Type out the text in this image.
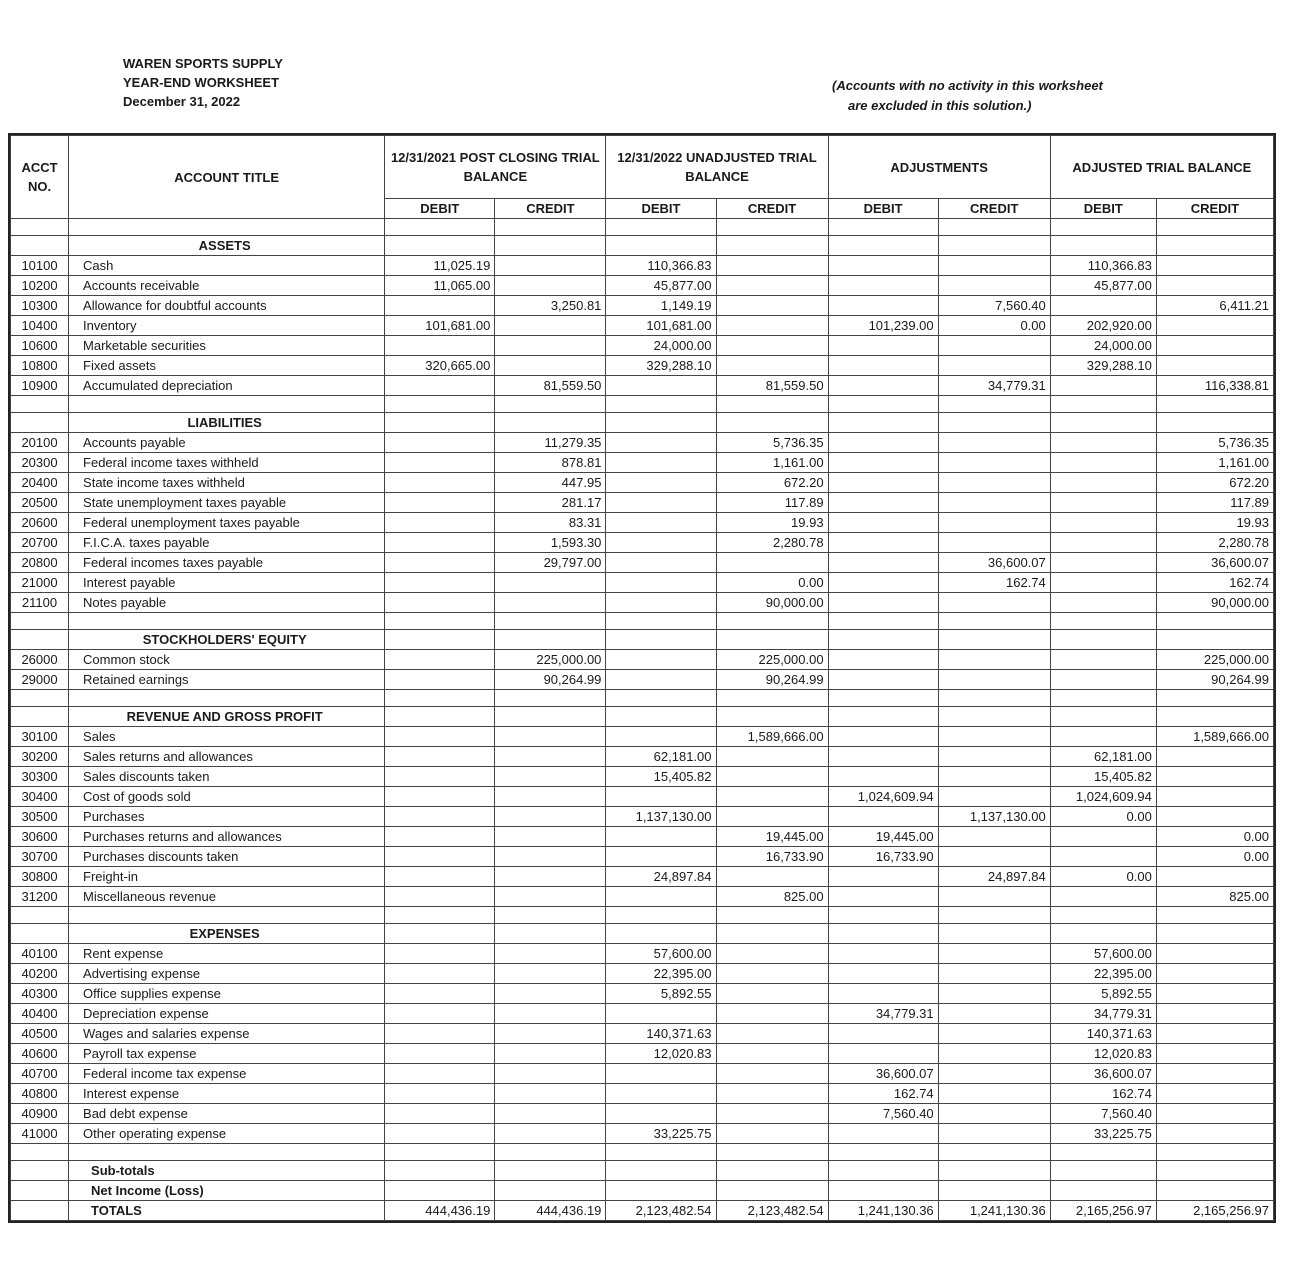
WAREN SPORTS SUPPLY
YEAR-END WORKSHEET
December 31, 2022
(Accounts with no activity in this worksheet
are excluded in this solution.)
ACCT NO.	ACCOUNT TITLE	12/31/2021 POST CLOSING TRIAL BALANCE		12/31/2022 UNADJUSTED TRIAL BALANCE		ADJUSTMENTS		ADJUSTED TRIAL BALANCE	
		DEBIT	CREDIT	DEBIT	CREDIT	DEBIT	CREDIT	DEBIT	CREDIT

	ASSETS								
10100	Cash	11,025.19		110,366.83				110,366.83	
10200	Accounts receivable	11,065.00		45,877.00				45,877.00	
10300	Allowance for doubtful accounts		3,250.81	1,149.19			7,560.40		6,411.21
10400	Inventory	101,681.00		101,681.00		101,239.00	0.00	202,920.00	
10600	Marketable securities			24,000.00				24,000.00	
10800	Fixed assets	320,665.00		329,288.10				329,288.10	
10900	Accumulated depreciation		81,559.50		81,559.50		34,779.31		116,338.81

	LIABILITIES								
20100	Accounts payable		11,279.35		5,736.35				5,736.35
20300	Federal income taxes withheld		878.81		1,161.00				1,161.00
20400	State income taxes withheld		447.95		672.20				672.20
20500	State unemployment taxes payable		281.17		117.89				117.89
20600	Federal unemployment taxes payable		83.31		19.93				19.93
20700	F.I.C.A. taxes payable		1,593.30		2,280.78				2,280.78
20800	Federal incomes taxes payable		29,797.00				36,600.07		36,600.07
21000	Interest payable				0.00		162.74		162.74
21100	Notes payable				90,000.00				90,000.00

	STOCKHOLDERS' EQUITY								
26000	Common stock		225,000.00		225,000.00				225,000.00
29000	Retained earnings		90,264.99		90,264.99				90,264.99

	REVENUE AND GROSS PROFIT								
30100	Sales				1,589,666.00				1,589,666.00
30200	Sales returns and allowances			62,181.00				62,181.00	
30300	Sales discounts taken			15,405.82				15,405.82	
30400	Cost of goods sold					1,024,609.94		1,024,609.94	
30500	Purchases			1,137,130.00			1,137,130.00	0.00	
30600	Purchases returns and allowances				19,445.00	19,445.00			0.00
30700	Purchases discounts taken				16,733.90	16,733.90			0.00
30800	Freight-in			24,897.84			24,897.84	0.00	
31200	Miscellaneous revenue				825.00				825.00

	EXPENSES								
40100	Rent expense			57,600.00				57,600.00	
40200	Advertising expense			22,395.00				22,395.00	
40300	Office supplies expense			5,892.55				5,892.55	
40400	Depreciation expense					34,779.31		34,779.31	
40500	Wages and salaries expense			140,371.63				140,371.63	
40600	Payroll tax expense			12,020.83				12,020.83	
40700	Federal income tax expense					36,600.07		36,600.07	
40800	Interest expense					162.74		162.74	
40900	Bad debt expense					7,560.40		7,560.40	
41000	Other operating expense			33,225.75				33,225.75	

	Sub-totals								
	Net Income (Loss)								
	TOTALS	444,436.19	444,436.19	2,123,482.54	2,123,482.54	1,241,130.36	1,241,130.36	2,165,256.97	2,165,256.97
